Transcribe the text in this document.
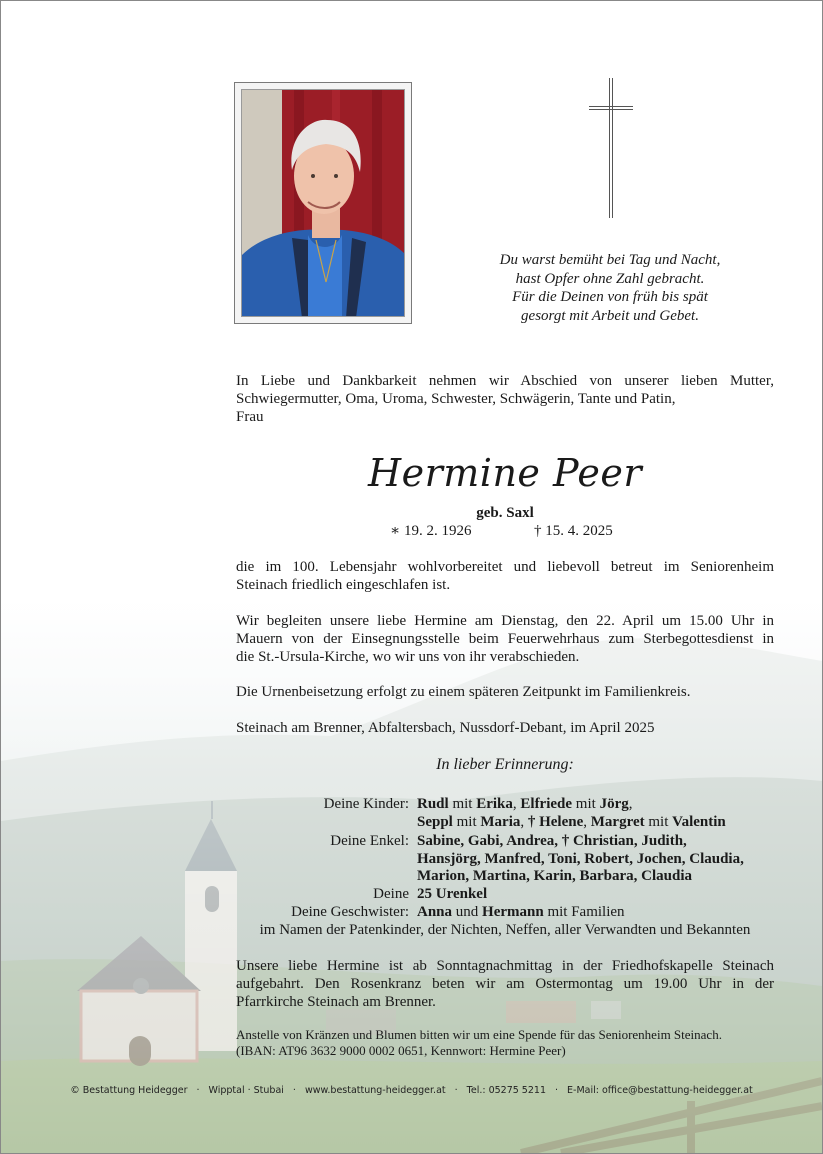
Du warst bemüht bei Tag und Nacht,
hast Opfer ohne Zahl gebracht.
Für die Deinen von früh bis spät
gesorgt mit Arbeit und Gebet.
In Liebe und Dankbarkeit nehmen wir Abschied von unserer lieben Mutter,
Schwiegermutter, Oma, Uroma, Schwester, Schwägerin, Tante und Patin,
Frau
Hermine Peer
geb. Saxl
∗ 19. 2. 1926	† 15. 4. 2025
die im 100. Lebensjahr wohlvorbereitet und liebevoll betreut im Seniorenheim
Steinach friedlich eingeschlafen ist.
Wir begleiten unsere liebe Hermine am Dienstag, den 22. April um 15.00 Uhr in
Mauern von der Einsegnungsstelle beim Feuerwehrhaus zum Sterbegottesdienst in
die St.-Ursula-Kirche, wo wir uns von ihr verabschieden.
Die Urnenbeisetzung erfolgt zu einem späteren Zeitpunkt im Familienkreis.
Steinach am Brenner, Abfaltersbach, Nussdorf-Debant, im April 2025
In lieber Erinnerung:
Deine Kinder: Rudl mit Erika, Elfriede mit Jörg,
Seppl mit Maria, † Helene, Margret mit Valentin
Deine Enkel: Sabine, Gabi, Andrea, † Christian, Judith,
Hansjörg, Manfred, Toni, Robert, Jochen, Claudia,
Marion, Martina, Karin, Barbara, Claudia
Deine 25 Urenkel
Deine Geschwister: Anna und Hermann mit Familien
im Namen der Patenkinder, der Nichten, Neffen, aller Verwandten und Bekannten
Unsere liebe Hermine ist ab Sonntagnachmittag in der Friedhofskapelle Steinach
aufgebahrt. Den Rosenkranz beten wir am Ostermontag um 19.00 Uhr in der
Pfarrkirche Steinach am Brenner.
Anstelle von Kränzen und Blumen bitten wir um eine Spende für das Seniorenheim Steinach.
(IBAN: AT96 3632 9000 0002 0651, Kennwort: Hermine Peer)
© Bestattung Heidegger · Wipptal · Stubai · www.bestattung-heidegger.at · Tel.: 05275 5211 · E-Mail: office@bestattung-heidegger.at
